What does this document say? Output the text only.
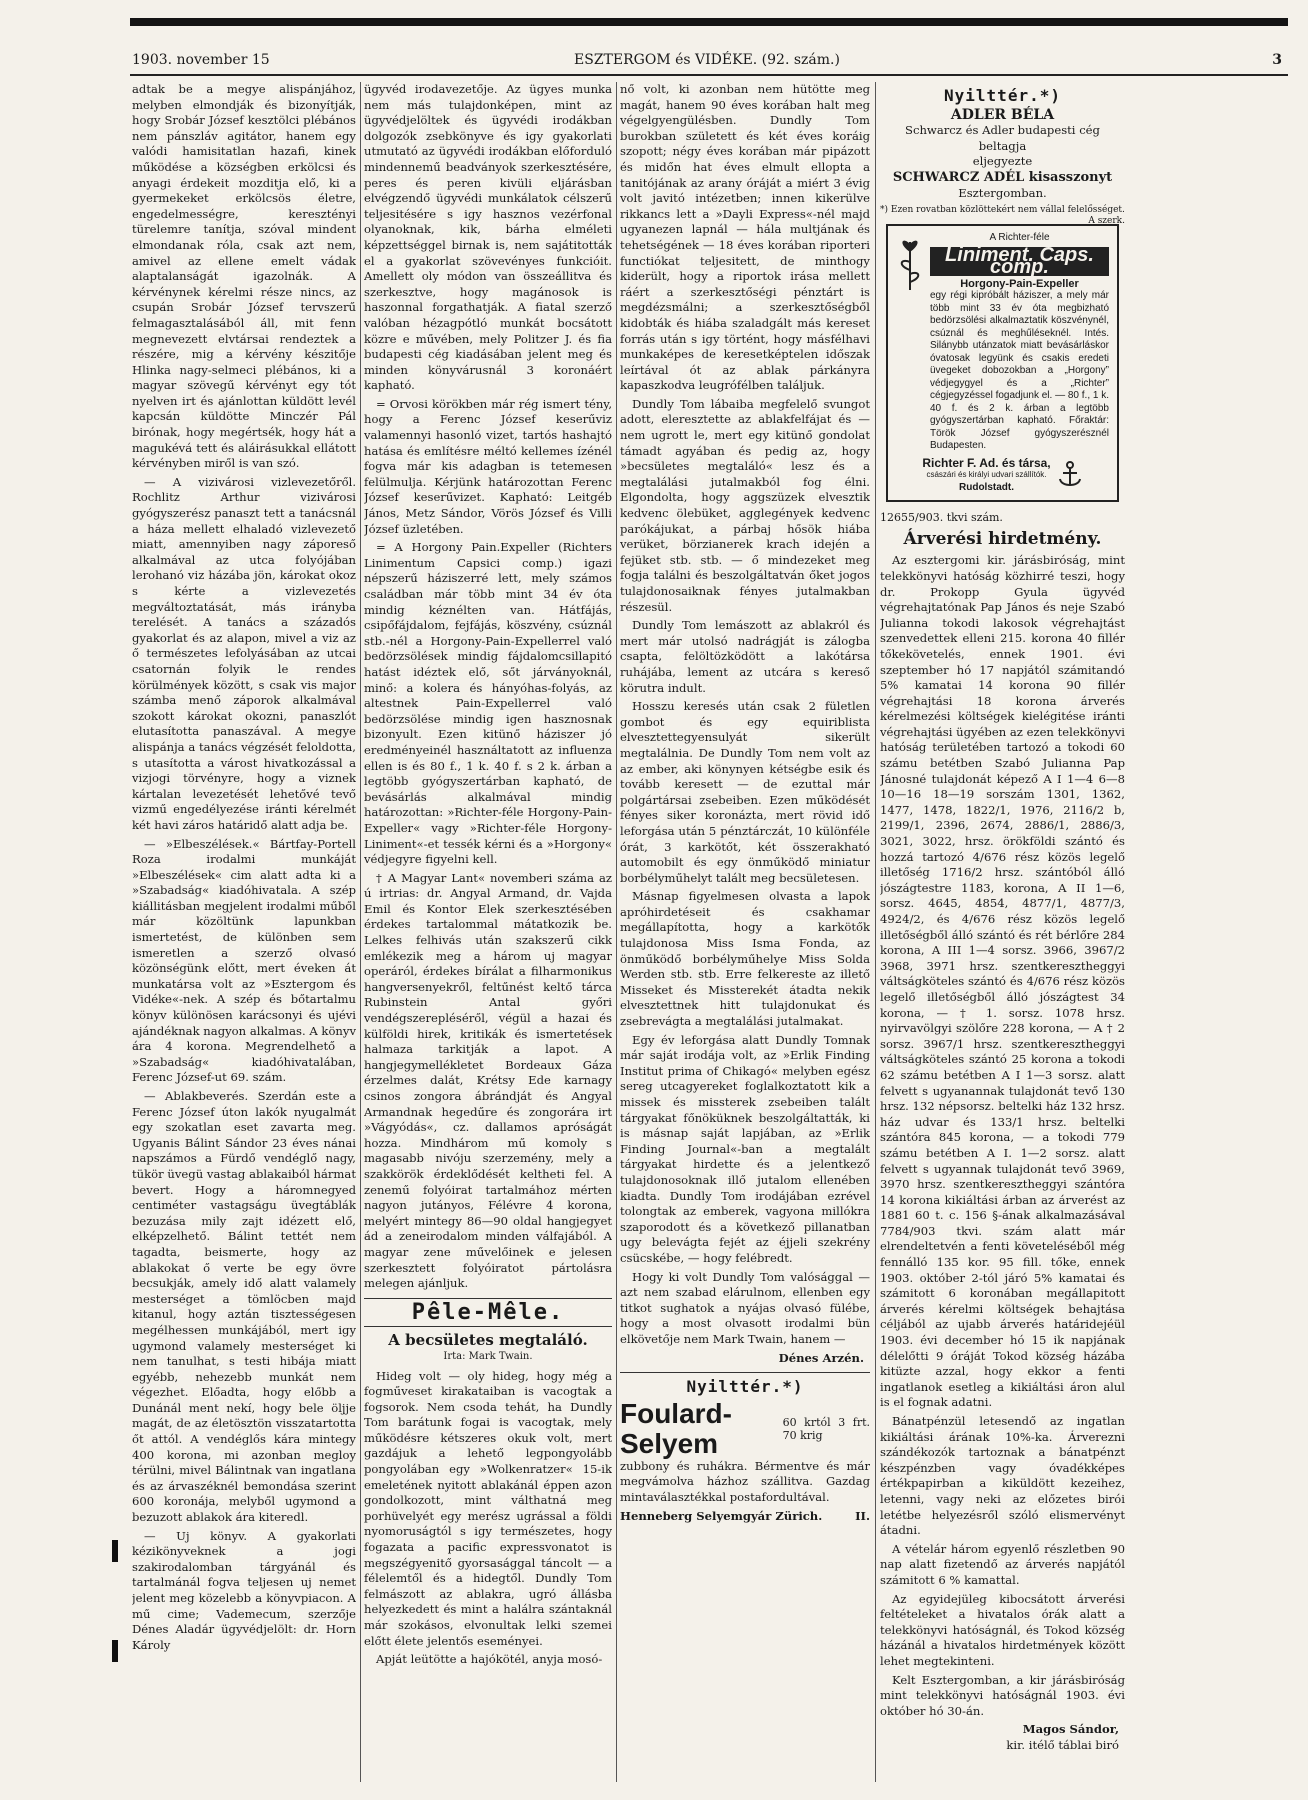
1903. november 15	ESZTERGOM és VIDÉKE. (92. szám.)	3

adtak be a megye alispánjához, melyben elmondják és bizonyítják, hogy Srobár József kesztölci plébános nem pánszláv agitátor, hanem egy valódi hamisitatlan hazafi, kinek működése a községben erkölcsi és anyagi érdekeit mozditja elő, ki a gyermekeket erkölcsös életre, engedelmességre, keresztényi türelemre tanítja, szóval mindent elmondanak róla, csak azt nem, amivel az ellene emelt vádak alaptalanságát igazolnák. A kérvénynek kérelmi része nincs, az csupán Srobár József tervszerű felmagasztalásából áll, mit fenn megnevezett elvtársai rendeztek a részére, mig a kérvény készitője Hlinka nagy-selmeci plébános, ki a magyar szövegű kérvényt egy tót nyelven irt és ajánlottan küldött levél kapcsán küldötte Minczér Pál birónak, hogy megértsék, hogy hát a magukévá tett és aláirásukkal ellátott kérvényben miről is van szó.

— A vizivárosi vizlevezetőről. Rochlitz Arthur vizivárosi gyógyszerész panaszt tett a tanácsnál a háza mellett elhaladó vizlevezető miatt, amennyiben nagy záporeső alkalmával az utca folyójában lerohanó viz házába jön, károkat okoz s kérte a vizlevezetés megváltoztatását, más irányba terelését. A tanács a századós gyakorlat és az alapon, mivel a viz az ő természetes lefolyásában az utcai csatornán folyik le rendes körülmények között, s csak vis major számba menő záporok alkalmával szokott károkat okozni, panaszlót elutasította panaszával. A megye alispánja a tanács végzését feloldotta, s utasította a várost hivatkozással a vizjogi törvényre, hogy a viznek kártalan levezetését lehetővé tevő vizmű engedélyezése iránti kérelmét két havi záros határidő alatt adja be.

— »Elbeszélések.« Bártfay-Portell Roza irodalmi munkáját »Elbeszélések« cim alatt adta ki a »Szabadság« kiadóhivatala. A szép kiállitásban megjelent irodalmi műből már közöltünk lapunkban ismertetést, de különben sem ismeretlen a szerző olvasó közönségünk előtt, mert éveken át munkatársa volt az »Esztergom és Vidéke«-nek. A szép és bőtartalmu könyv különösen karácsonyi és ujévi ajándéknak nagyon alkalmas. A könyv ára 4 korona. Megrendelhető a »Szabadság« kiadóhivatalában, Ferenc József-ut 69. szám.

— Ablakbeverés. Szerdán este a Ferenc József úton lakók nyugalmát egy szokatlan eset zavarta meg. Ugyanis Bálint Sándor 23 éves nánai napszámos a Fürdő vendéglő nagy, tükör üvegü vastag ablakaiból hármat bevert. Hogy a háromnegyed centiméter vastagságu üvegtáblák bezuzása mily zajt idézett elő, elképzelhető. Bálint tettét nem tagadta, beismerte, hogy az ablakokat ő verte be egy övre becsukják, amely idő alatt valamely mesterséget a tömlöcben majd kitanul, hogy aztán tisztességesen megélhessen munkájából, mert igy ugymond valamely mesterséget ki nem tanulhat, s testi hibája miatt egyébb, nehezebb munkát nem végezhet. Előadta, hogy előbb a Dunánál ment nekí, hogy bele öljje magát, de az életösztön visszatartotta őt attól. A vendéglős kára mintegy 400 korona, mi azonban megloy térülni, mivel Bálintnak van ingatlana és az árvaszéknél bemondása szerint 600 koronája, melyből ugymond a bezuzott ablakok ára kiteredl.

— Uj könyv. A gyakorlati kézikönyveknek a jogi szakirodalomban tárgyánál és tartalmánál fogva teljesen uj nemet jelent meg közelebb a könyvpiacon. A mű cime; Vademecum, szerzője Dénes Aladár ügyvédjelölt: dr. Horn Károly

ügyvéd irodavezetője. Az ügyes munka nem más tulajdonképen, mint az ügyvédjelöltek és ügyvédi irodákban dolgozók zsebkönyve és igy gyakorlati utmutató az ügyvédi irodákban előforduló mindennemű beadványok szerkesztésére, peres és peren kivüli eljárásban elvégzendő ügyvédi munkálatok célszerű teljesitésére s igy hasznos vezérfonal olyanoknak, kik, bárha elméleti képzettséggel birnak is, nem sajátitották el a gyakorlat szövevényes funkcióit. Amellett oly módon van összeállitva és szerkesztve, hogy magánosok is haszonnal forgathatják. A fiatal szerző valóban hézagpótló munkát bocsátott közre e művében, mely Politzer J. és fia budapesti cég kiadásában jelent meg és minden könyvárusnál 3 koronáért kapható.

= Orvosi körökben már rég ismert tény, hogy a Ferenc József keserűviz valamennyi hasonló vizet, tartós hashajtó hatása és említésre méltó kellemes ízénél fogva már kis adagban is tetemesen felülmulja. Kérjünk határozottan Ferenc József keserűvizet. Kapható: Leitgéb János, Metz Sándor, Vörös József és Villi József üzletében.

= A Horgony Pain.Expeller (Richters Linimentum Capsici comp.) igazi népszerű háziszerré lett, mely számos családban már több mint 34 év óta mindig kéznélten van. Hátfájás, csipőfájdalom, fejfájás, köszvény, csúznál stb.-nél a Horgony-Pain-Expellerrel való bedörzsölések mindig fájdalomcsillapitó hatást idéztek elő, sőt járványoknál, minő: a kolera és hányóhas-folyás, az altestnek Pain-Expellerrel való bedörzsölése mindig igen hasznosnak bizonyult. Ezen kitünő háziszer jó eredményeinél használtatott az influenza ellen is és 80 f., 1 k. 40 f. s 2 k. árban a legtöbb gyógyszertárban kapható, de bevásárlás alkalmával mindig határozottan: »Richter-féle Horgony-Pain-Expeller« vagy »Richter-féle Horgony-Liniment«-et tessék kérni és a »Horgony« védjegyre figyelni kell.

† A Magyar Lant« novemberi száma az ú irtrias: dr. Angyal Armand, dr. Vajda Emil és Kontor Elek szerkesztésében érdekes tartalommal mátatkozik be. Lelkes felhivás után szakszerű cikk emlékezik meg a három uj magyar operáról, érdekes bírálat a filharmonikus hangversenyekről, feltűnést keltő tárca Rubinstein Antal győri vendégszerepléséről, végül a hazai és külföldi hirek, kritikák és ismertetések halmaza tarkitják a lapot. A hangjegymellékletet Bordeaux Gáza érzelmes dalát, Krétsy Ede karnagy csinos zongora ábrándját és Angyal Armandnak hegedűre és zongorára irt »Vágyódás«, cz. dallamos apróságát hozza. Mindhárom mű komoly s magasabb nivóju szerzemény, mely a szakkörök érdeklődését keltheti fel. A zenemű folyóirat tartalmához mérten nagyon jutányos, Félévre 4 korona, melyért mintegy 86—90 oldal hangjegyet ád a zeneirodalom minden válfajából. A magyar zene művelőinek e jelesen szerkesztett folyóiratot pártolásra melegen ajánljuk.

Pêle-Mêle.
A becsületes megtaláló.
Irta: Mark Twain.

Hideg volt — oly hideg, hogy még a fogműveset kirakataiban is vacogtak a fogsorok. Nem csoda tehát, ha Dundly Tom barátunk fogai is vacogtak, mely működésre kétszeres okuk volt, mert gazdájuk a lehető legpongyolább pongyolában egy »Wolkenratzer« 15-ik emeletének nyitott ablakánál éppen azon gondolkozott, mint válthatná meg porhüvelyét egy merész ugrással a földi nyomoruságtól s igy természetes, hogy fogazata a pacific expressvonatot is megszégyenitő gyorsasággal táncolt — a félelemtől és a hidegtől. Dundly Tom felmászott az ablakra, ugró állásba helyezkedett és mint a halálra szántaknál már szokásos, elvonultak lelki szemei előtt élete jelentős eseményei.

Apját leütötte a hajókötél, anyja mosó-

nő volt, ki azonban nem hütötte meg magát, hanem 90 éves korában halt meg végelgyengülésben. Dundly Tom burokban született és két éves koráig szopott; négy éves korában már pipázott és midőn hat éves elmult ellopta a tanitójának az arany óráját a miért 3 évig volt javitó intézetben; innen kikerülve rikkancs lett a »Dayli Express«-nél majd ugyanezen lapnál — hála multjának és tehetségének — 18 éves korában riporteri functiókat teljesitett, de minthogy kiderült, hogy a riportok irása mellett ráért a szerkesztőségi pénztárt is megdézsmálni; a szerkesztőségből kidobták és hiába szaladgált más kereset forrás után s igy történt, hogy másfélhavi munkaképes de keresetképtelen időszak leírtával ót az ablak párkányra kapaszkodva leugrófélben találjuk.

Dundly Tom lábaiba megfelelő svungot adott, eleresztette az ablakfelfájat és — nem ugrott le, mert egy kitünő gondolat támadt agyában és pedig az, hogy »becsületes megtaláló« lesz és a megtalálási jutalmakból fog élni. Elgondolta, hogy aggszüzek elvesztik kedvenc ölebüket, agglegények kedvenc parókájukat, a párbaj hősök hiába verüket, börzianerek krach idején a fejüket stb. stb. — ő mindezeket meg fogja találni és beszolgáltatván őket jogos tulajdonosaiknak fényes jutalmakban részesül.

Dundly Tom lemászott az ablakról és mert már utolsó nadrágját is zálogba csapta, felöltözködött a lakótársa ruhájába, lement az utcára s kereső körutra indult.

Hosszu keresés után csak 2 fületlen gombot és egy equiriblista elvesztettegyensulyát sikerült megtalálnia. De Dundly Tom nem volt az az ember, aki könynyen kétségbe esik és tovább keresett — de ezuttal már polgártársai zsebeiben. Ezen működését fényes siker koronázta, mert rövid idő leforgása után 5 pénztárczát, 10 különféle órát, 3 karkötőt, két összerakható automobilt és egy önműködő miniatur borbélyműhelyt talált meg becsületesen.

Másnap figyelmesen olvasta a lapok apróhirdetéseit és csakhamar megállapította, hogy a karkötők tulajdonosa Miss Isma Fonda, az önműködő borbélyműhelye Miss Solda Werden stb. stb. Erre felkereste az illető Misseket és Missterekét átadta nekik elvesztettnek hitt tulajdonukat és zsebrevágta a megtalálási jutalmakat.

Egy év leforgása alatt Dundly Tomnak már saját irodája volt, az »Erlik Finding Institut prima of Chikagó« melyben egész sereg utcagyereket foglalkoztatott kik a missek és missterek zsebeiben talált tárgyakat főnöküknek beszolgáltatták, ki is másnap saját lapjában, az »Erlik Finding Journal«-ban a megtalált tárgyakat hirdette és a jelentkező tulajdonosoknak illő jutalom ellenében kiadta. Dundly Tom irodájában ezrével tolongtak az emberek, vagyona millókra szaporodott és a következő pillanatban ugy belevágta fejét az éjjeli szekrény csücskébe, — hogy felébredt.

Hogy ki volt Dundly Tom valósággal — azt nem szabad elárulnom, ellenben egy titkot sughatok a nyájas olvasó fülébe, hogy a most olvasott irodalmi bün elkövetője nem Mark Twain, hanem —

Dénes Arzén.
Nyilttér.*)
Foulard-Selyem
60 krtól 3 frt. 70 krig

zubbony és ruhákra. Bérmentve és már megvámolva házhoz szállitva. Gazdag mintaválasztékkal postafordultával.

Henneberg Selyemgyár Zürich.	II.
Nyilttér.*)
ADLER BÉLA
Schwarcz és Adler budapesti cég beltagja
eljegyezte
SCHWARCZ ADÉL kisasszonyt
Esztergomban.
*) Ezen rovatban közlöttekért nem vállal felelősséget.
A szerk.
A Richter-féle
Liniment. Caps. comp.
Horgony-Pain-Expeller
egy régi kipróbált háziszer, a mely már több mint 33 év óta megbizható bedörzsölési alkalmaztatik köszvénynél, csúznál és meghűléseknél. Intés. Silánybb utánzatok miatt bevásárláskor óvatosak legyünk és csakis eredeti üvegeket dobozokban a „Horgony” védjegygyel és a „Richter” cégjegyzéssel fogadjunk el. — 80 f., 1 k. 40 f. és 2 k. árban a legtöbb gyógyszertárban kapható. Főraktár: Török József gyógyszerésznél Budapesten.
Richter F. Ad. és társa,
császári és királyi udvari szállítók.
Rudolstadt.
12655/903. tkvi szám.
Árverési hirdetmény.

Az esztergomi kir. járásbiróság, mint telekkönyvi hatóság közhirré teszi, hogy dr. Prokopp Gyula ügyvéd végrehajtatónak Pap János és neje Szabó Julianna tokodi lakosok végrehajtást szenvedettek elleni 215. korona 40 fillér tőkekövetelés, ennek 1901. évi szeptember hó 17 napjától számitandó 5% kamatai 14 korona 90 fillér végrehajtási 18 korona árverés kérelmezési költségek kielégitése iránti végrehajtási ügyében az ezen telekkönyvi hatóság területében tartozó a tokodi 60 számu betétben Szabó Julianna Pap Jánosné tulajdonát képező A I 1—4 6—8 10—16 18—19 sorszám 1301, 1362, 1477, 1478, 1822/1, 1976, 2116/2 b, 2199/1, 2396, 2674, 2886/1, 2886/3, 3021, 3022, hrsz. örökföldi szántó és hozzá tartozó 4/676 rész közös legelő illetőség 1716/2 hrsz. szántóból álló jószágtestre 1183, korona, A II 1—6, sorsz. 4645, 4854, 4877/1, 4877/3, 4924/2, és 4/676 rész közös legelő illetőségből álló szántó és rét bérlőre 284 korona, A III 1—4 sorsz. 3966, 3967/2 3968, 3971 hrsz. szentkeresztheggyi váltságköteles szántó és 4/676 rész közös legelő illetőségből álló jószágtest 34 korona, — † 1. sorsz. 1078 hrsz. nyirvavölgyi szölőre 228 korona, — A † 2 sorsz. 3967/1 hrsz. szentkeresztheggyi váltságköteles szántó 25 korona a tokodi 62 számu betétben A I 1—3 sorsz. alatt felvett s ugyanannak tulajdonát tevő 130 hrsz. 132 népsorsz. beltelki ház 132 hrsz. ház udvar és 133/1 hrsz. beltelki szántóra 845 korona, — a tokodi 779 számu betétben A I. 1—2 sorsz. alatt felvett s ugyannak tulajdonát tevő 3969, 3970 hrsz. szentkeresztheggyi szántóra 14 korona kikiáltási árban az árverést az 1881 60 t. c. 156 §-ának alkalmazásával 7784/903 tkvi. szám alatt már elrendeltetvén a fenti követeléséből még fennálló 135 kor. 95 fill. tőke, ennek 1903. október 2-tól járó 5% kamatai és számitott 6 koronában megállapitott árverés kérelmi költségek behajtása céljából az ujabb árverés határidejéül 1903. évi december hó 15 ik napjának délelőtti 9 óráját Tokod község házába kitüzte azzal, hogy ekkor a fenti ingatlanok esetleg a kikiáltási áron alul is el fognak adatni.

Bánatpénzül letesendő az ingatlan kikiáltási árának 10%-ka. Árverezni szándékozók tartoznak a bánatpénzt készpénzben vagy óvadékképes értékpapirban a kiküldött kezeihez, letenni, vagy neki az előzetes birói letétbe helyezésről szóló elismervényt átadni.

A vételár három egyenlő részletben 90 nap alatt fizetendő az árverés napjától számitott 6 % kamattal.

Az egyidejüleg kibocsátott árverési feltételeket a hivatalos órák alatt a telekkönyvi hatóságnál, és Tokod község házánál a hivatalos hirdetmények között lehet megtekinteni.

Kelt Esztergomban, a kir járásbiróság mint telekkönyvi hatóságnál 1903. évi október hó 30-án.

Magos Sándor,
kir. itélő táblai biró
